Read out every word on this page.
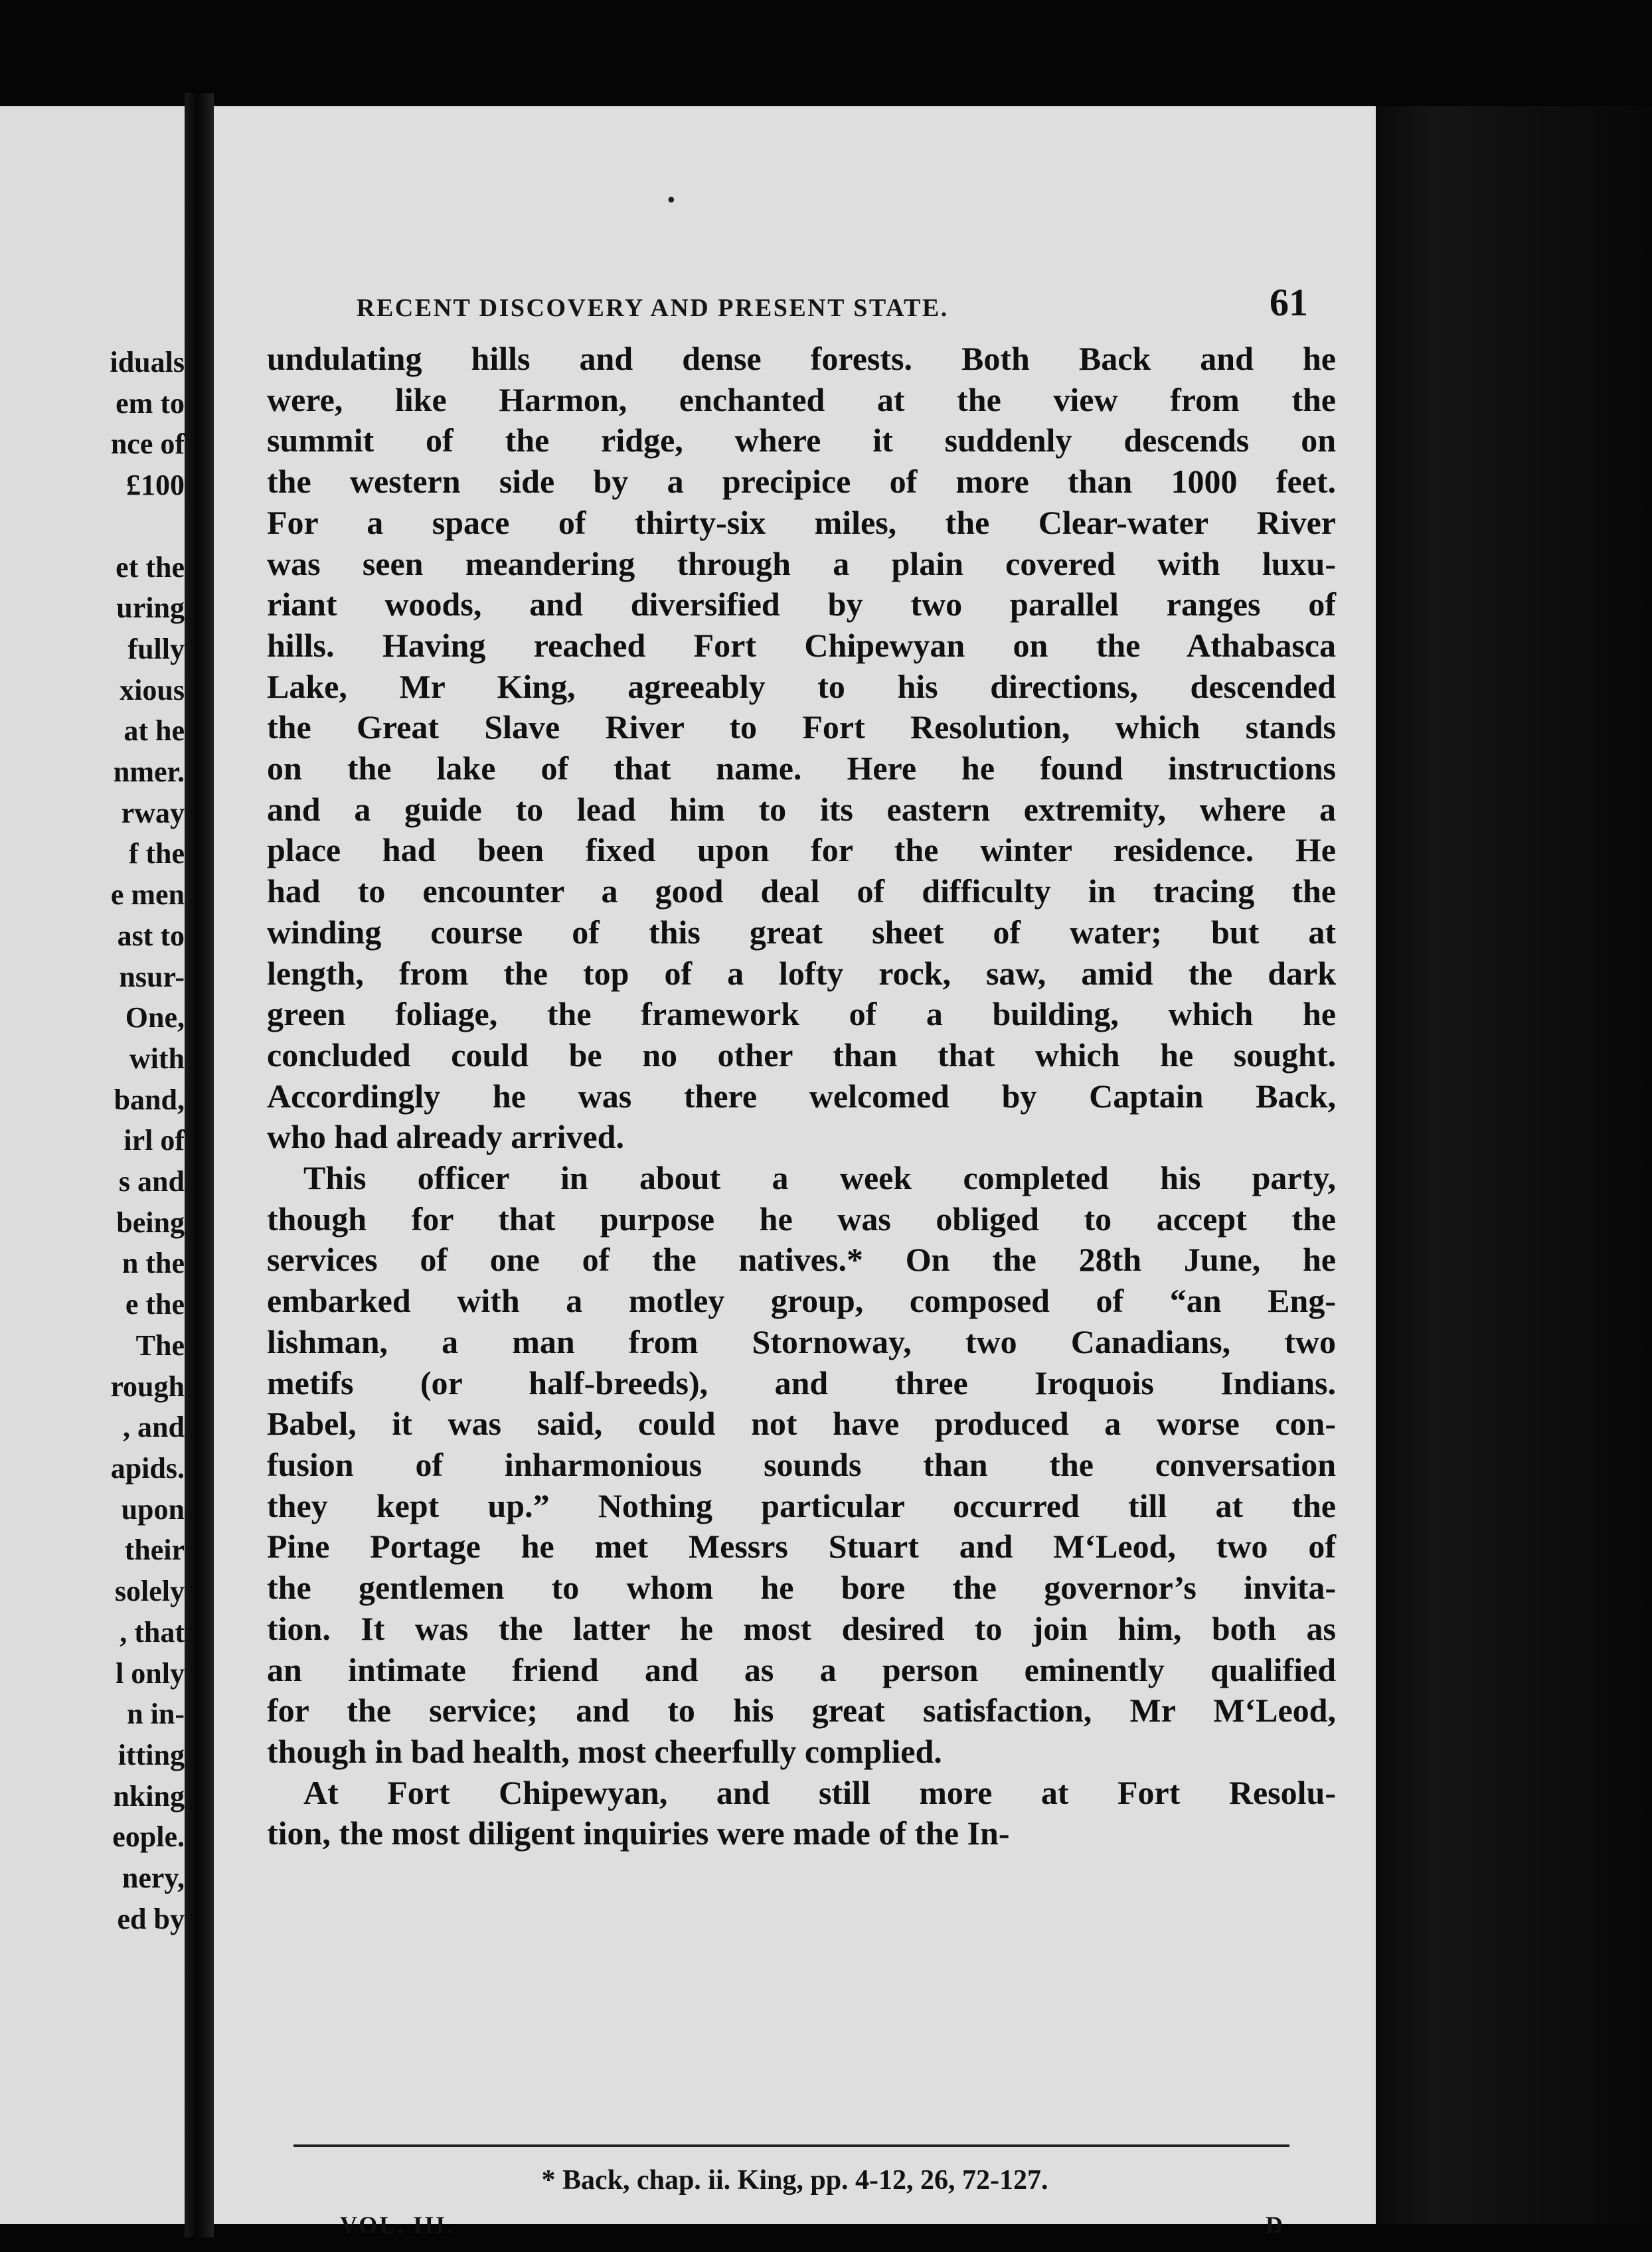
iduals
em to
nce of
£100

et the
uring
fully
xious
at he
nmer.
rway
f the
e men
ast to
nsur-
One,
with
band,
irl of
s and
being
n the
e the
The
rough
, and
apids.
upon
their
solely
, that
l only
n in-
itting
nking
eople.
nery,
ed by
•
RECENT DISCOVERY AND PRESENT STATE.	61
undulating hills and dense forests. Both Back and he
were, like Harmon, enchanted at the view from the
summit of the ridge, where it suddenly descends on
the western side by a precipice of more than 1000 feet.
For a space of thirty-six miles, the Clear-water River
was seen meandering through a plain covered with luxu-
riant woods, and diversified by two parallel ranges of
hills. Having reached Fort Chipewyan on the Athabasca
Lake, Mr King, agreeably to his directions, descended
the Great Slave River to Fort Resolution, which stands
on the lake of that name. Here he found instructions
and a guide to lead him to its eastern extremity, where a
place had been fixed upon for the winter residence. He
had to encounter a good deal of difficulty in tracing the
winding course of this great sheet of water; but at
length, from the top of a lofty rock, saw, amid the dark
green foliage, the framework of a building, which he
concluded could be no other than that which he sought.
Accordingly he was there welcomed by Captain Back,
who had already arrived.
This officer in about a week completed his party,
though for that purpose he was obliged to accept the
services of one of the natives.* On the 28th June, he
embarked with a motley group, composed of “an Eng-
lishman, a man from Stornoway, two Canadians, two
metifs (or half-breeds), and three Iroquois Indians.
Babel, it was said, could not have produced a worse con-
fusion of inharmonious sounds than the conversation
they kept up.” Nothing particular occurred till at the
Pine Portage he met Messrs Stuart and M‘Leod, two of
the gentlemen to whom he bore the governor’s invita-
tion. It was the latter he most desired to join him, both as
an intimate friend and as a person eminently qualified
for the service; and to his great satisfaction, Mr M‘Leod,
though in bad health, most cheerfully complied.
At Fort Chipewyan, and still more at Fort Resolu-
tion, the most diligent inquiries were made of the In-
* Back, chap. ii. King, pp. 4-12, 26, 72-127.
VOL. III.	D
